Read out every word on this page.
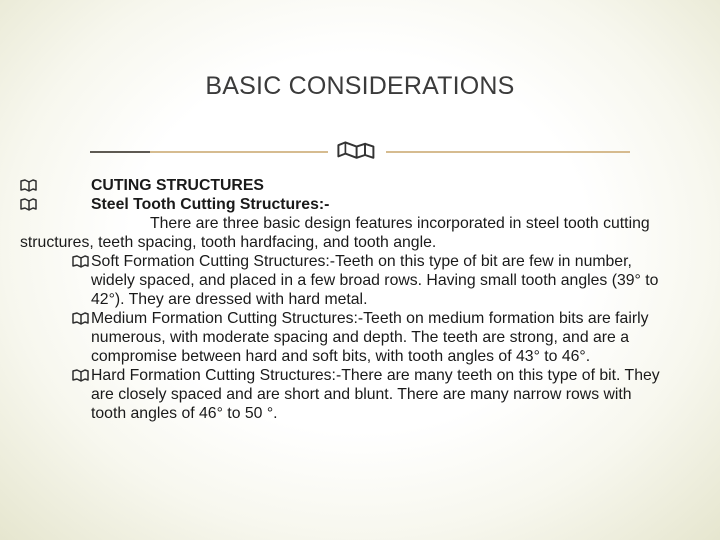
BASIC CONSIDERATIONS
CUTING STRUCTURES
Steel Tooth Cutting Structures:-
There are three basic design features incorporated in steel tooth cutting structures, teeth spacing, tooth hardfacing, and tooth angle.
Soft Formation Cutting Structures:-Teeth on this type of bit are few in number, widely spaced, and placed in a few broad rows. Having small tooth angles (39° to 42°). They are dressed with hard metal.
Medium Formation Cutting Structures:-Teeth on medium formation bits are fairly numerous, with moderate spacing and depth. The teeth are strong, and are a compromise between hard and soft bits, with tooth angles of 43° to 46°.
Hard Formation Cutting Structures:-There are many teeth on this type of bit. They are closely spaced and are short and blunt. There are many narrow rows with tooth angles of 46° to 50 °.
